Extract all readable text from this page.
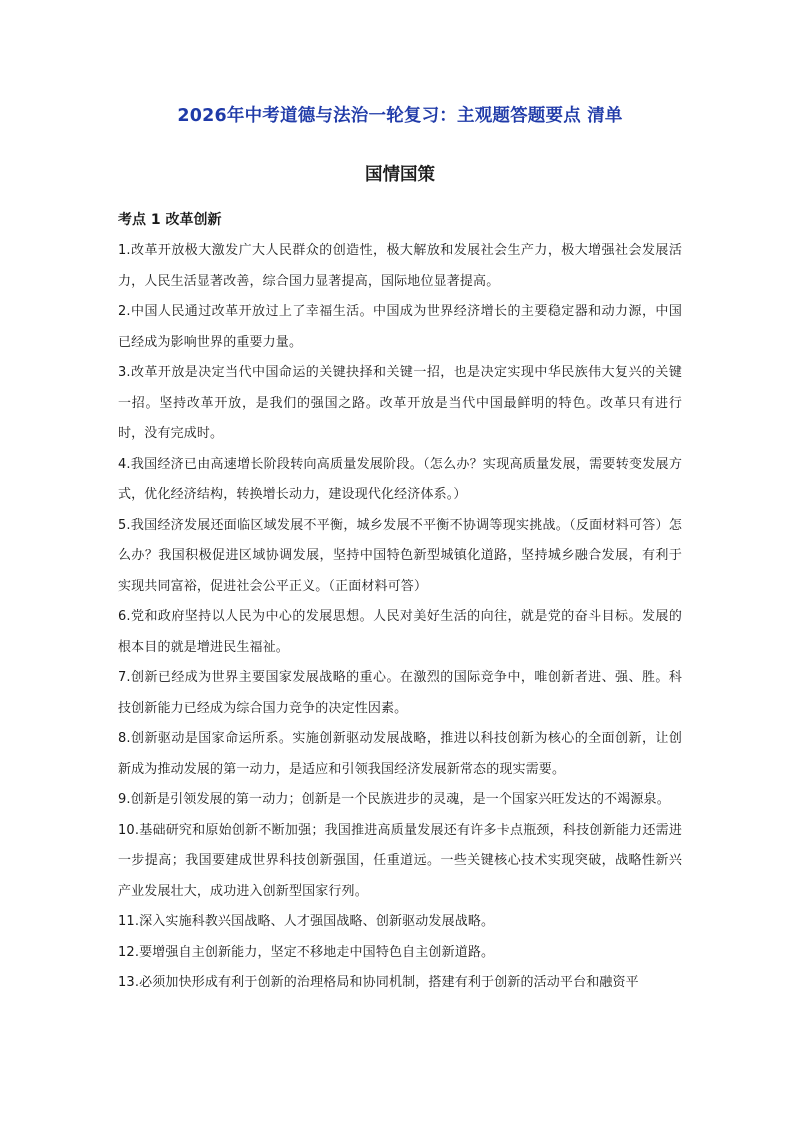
2026年中考道德与法治一轮复习：主观题答题要点 清单
国情国策
考点 1 改革创新

1.改革开放极大激发广大人民群众的创造性，极大解放和发展社会生产力，极大增强社会发展活力，人民生活显著改善，综合国力显著提高，国际地位显著提高。

2.中国人民通过改革开放过上了幸福生活。中国成为世界经济增长的主要稳定器和动力源，中国已经成为影响世界的重要力量。

3.改革开放是决定当代中国命运的关键抉择和关键一招，也是决定实现中华民族伟大复兴的关键一招。坚持改革开放，是我们的强国之路。改革开放是当代中国最鲜明的特色。改革只有进行时，没有完成时。

4.我国经济已由高速增长阶段转向高质量发展阶段。（怎么办？实现高质量发展，需要转变发展方式，优化经济结构，转换增长动力，建设现代化经济体系。）

5.我国经济发展还面临区域发展不平衡，城乡发展不平衡不协调等现实挑战。（反面材料可答）怎么办？我国积极促进区域协调发展，坚持中国特色新型城镇化道路，坚持城乡融合发展，有利于实现共同富裕，促进社会公平正义。（正面材料可答）

6.党和政府坚持以人民为中心的发展思想。人民对美好生活的向往，就是党的奋斗目标。发展的根本目的就是增进民生福祉。

7.创新已经成为世界主要国家发展战略的重心。在激烈的国际竞争中，唯创新者进、强、胜。科技创新能力已经成为综合国力竞争的决定性因素。

8.创新驱动是国家命运所系。实施创新驱动发展战略，推进以科技创新为核心的全面创新，让创新成为推动发展的第一动力，是适应和引领我国经济发展新常态的现实需要。

9.创新是引领发展的第一动力；创新是一个民族进步的灵魂，是一个国家兴旺发达的不竭源泉。

10.基础研究和原始创新不断加强；我国推进高质量发展还有许多卡点瓶颈，科技创新能力还需进一步提高；我国要建成世界科技创新强国，任重道远。一些关键核心技术实现突破，战略性新兴产业发展壮大，成功进入创新型国家行列。

11.深入实施科教兴国战略、人才强国战略、创新驱动发展战略。

12.要增强自主创新能力，坚定不移地走中国特色自主创新道路。

13.必须加快形成有利于创新的治理格局和协同机制，搭建有利于创新的活动平台和融资平
